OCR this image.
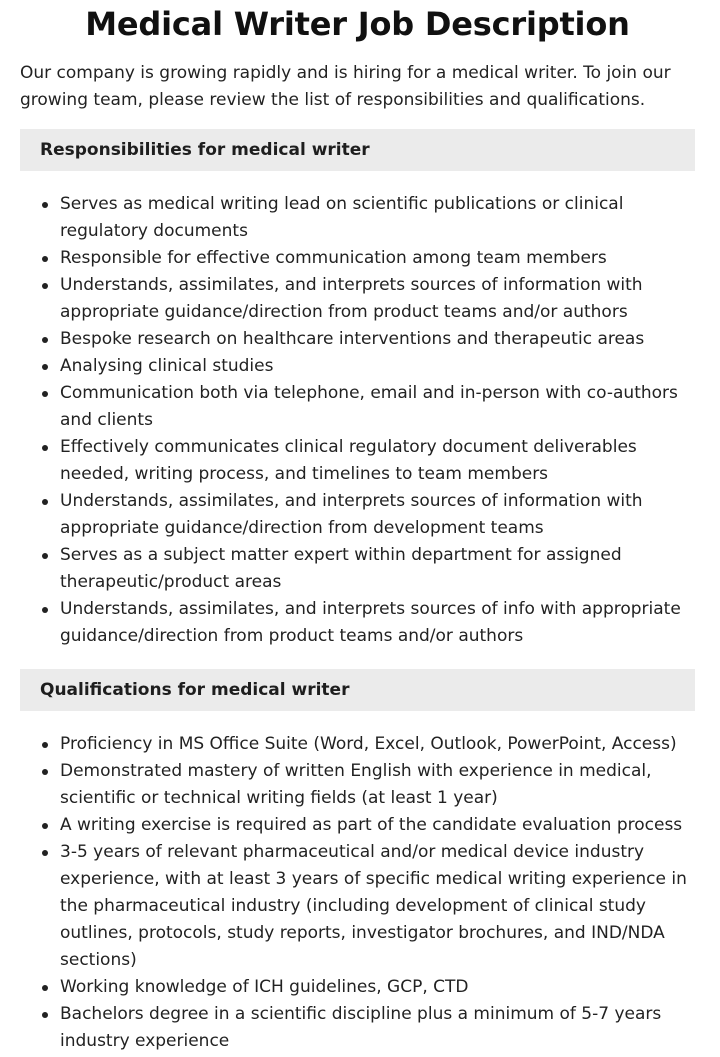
Medical Writer Job Description

Our company is growing rapidly and is hiring for a medical writer. To join our growing team, please review the list of responsibilities and qualifications.

Responsibilities for medical writer
Serves as medical writing lead on scientific publications or clinical regulatory documents
Responsible for effective communication among team members
Understands, assimilates, and interprets sources of information with appropriate guidance/direction from product teams and/or authors
Bespoke research on healthcare interventions and therapeutic areas
Analysing clinical studies
Communication both via telephone, email and in-person with co-authors and clients
Effectively communicates clinical regulatory document deliverables needed, writing process, and timelines to team members
Understands, assimilates, and interprets sources of information with appropriate guidance/direction from development teams
Serves as a subject matter expert within department for assigned therapeutic/product areas
Understands, assimilates, and interprets sources of info with appropriate guidance/direction from product teams and/or authors
Qualifications for medical writer
Proficiency in MS Office Suite (Word, Excel, Outlook, PowerPoint, Access)
Demonstrated mastery of written English with experience in medical, scientific or technical writing fields (at least 1 year)
A writing exercise is required as part of the candidate evaluation process
3-5 years of relevant pharmaceutical and/or medical device industry experience, with at least 3 years of specific medical writing experience in the pharmaceutical industry (including development of clinical study outlines, protocols, study reports, investigator brochures, and IND/NDA sections)
Working knowledge of ICH guidelines, GCP, CTD
Bachelors degree in a scientific discipline plus a minimum of 5-7 years industry experience
